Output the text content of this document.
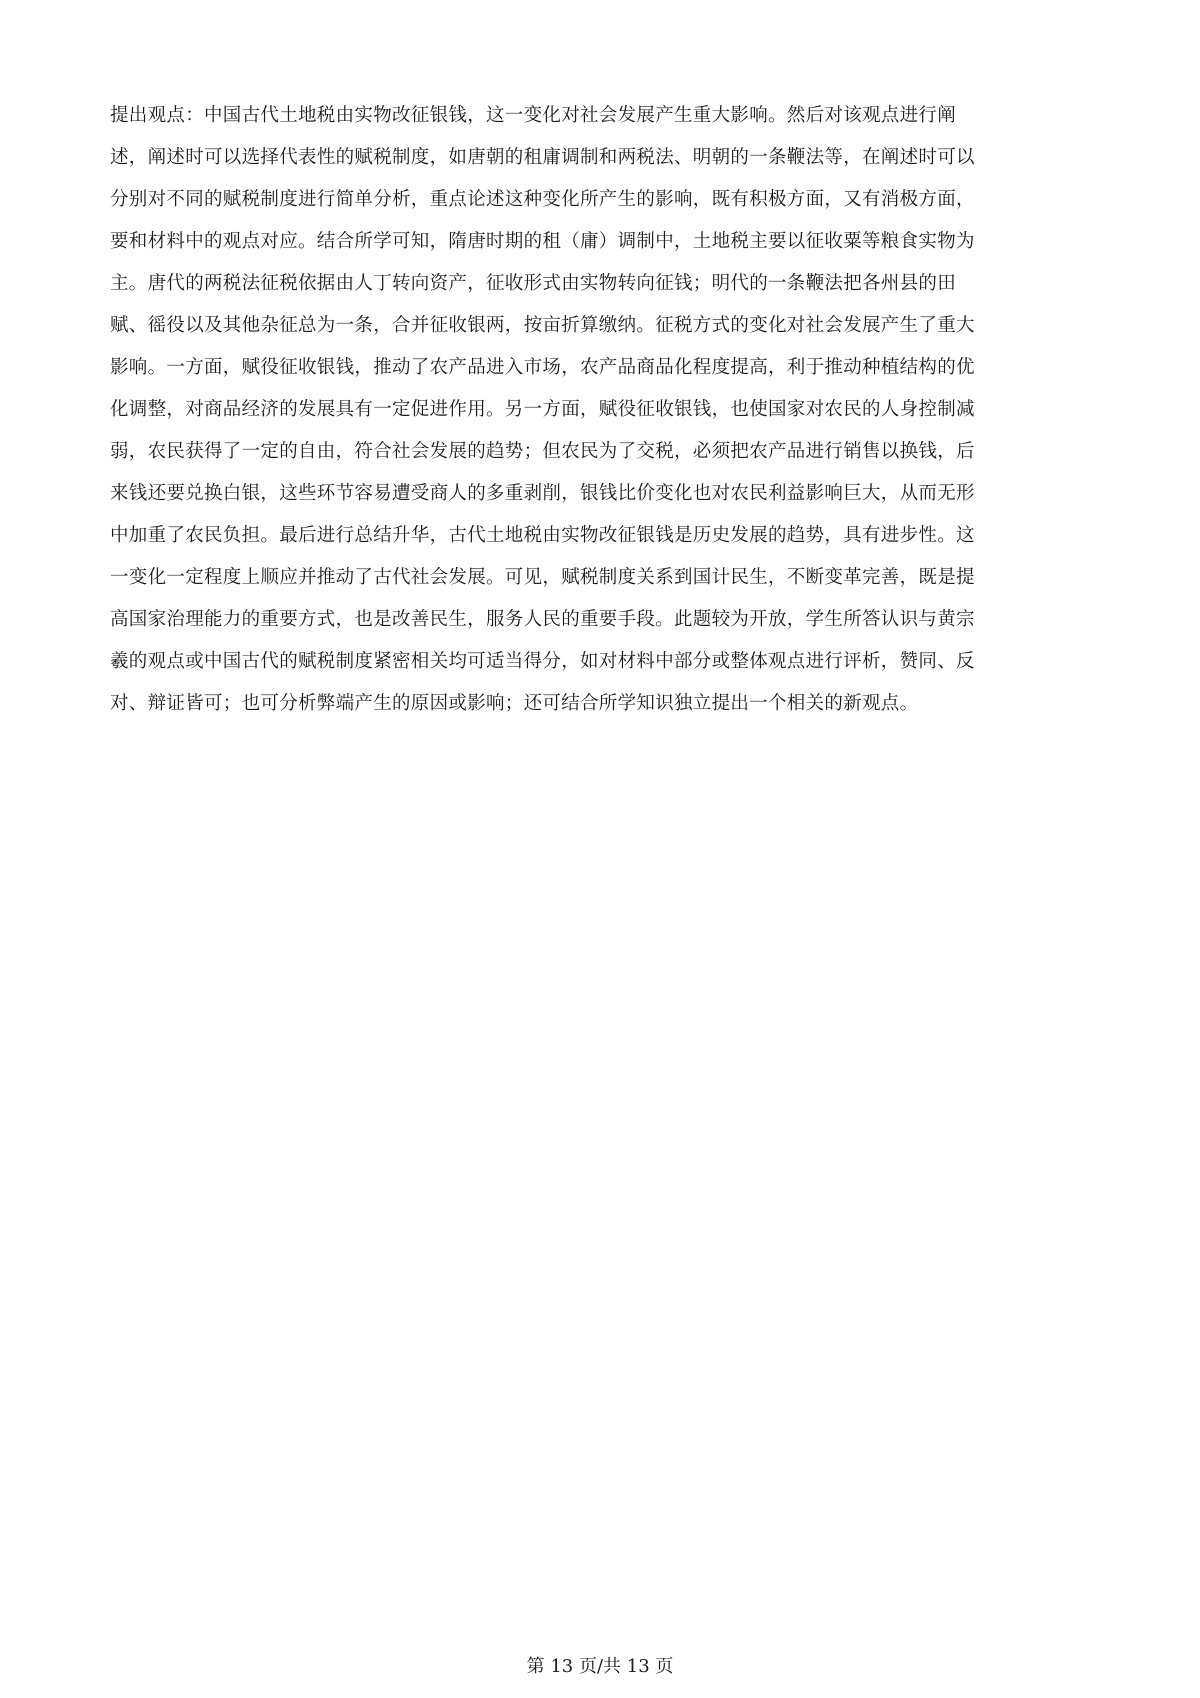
提出观点：中国古代土地税由实物改征银钱，这一变化对社会发展产生重大影响。然后对该观点进行阐
述，阐述时可以选择代表性的赋税制度，如唐朝的租庸调制和两税法、明朝的一条鞭法等，在阐述时可以
分别对不同的赋税制度进行简单分析，重点论述这种变化所产生的影响，既有积极方面，又有消极方面，
要和材料中的观点对应。结合所学可知，隋唐时期的租（庸）调制中，土地税主要以征收粟等粮食实物为
主。唐代的两税法征税依据由人丁转向资产，征收形式由实物转向征钱；明代的一条鞭法把各州县的田
赋、徭役以及其他杂征总为一条，合并征收银两，按亩折算缴纳。征税方式的变化对社会发展产生了重大
影响。一方面，赋役征收银钱，推动了农产品进入市场，农产品商品化程度提高，利于推动种植结构的优
化调整，对商品经济的发展具有一定促进作用。另一方面，赋役征收银钱，也使国家对农民的人身控制减
弱，农民获得了一定的自由，符合社会发展的趋势；但农民为了交税，必须把农产品进行销售以换钱，后
来钱还要兑换白银，这些环节容易遭受商人的多重剥削，银钱比价变化也对农民利益影响巨大，从而无形
中加重了农民负担。最后进行总结升华，古代土地税由实物改征银钱是历史发展的趋势，具有进步性。这
一变化一定程度上顺应并推动了古代社会发展。可见，赋税制度关系到国计民生，不断变革完善，既是提
高国家治理能力的重要方式，也是改善民生，服务人民的重要手段。此题较为开放，学生所答认识与黄宗
羲的观点或中国古代的赋税制度紧密相关均可适当得分，如对材料中部分或整体观点进行评析，赞同、反
对、辩证皆可；也可分析弊端产生的原因或影响；还可结合所学知识独立提出一个相关的新观点。
第 13 页/共 13 页
